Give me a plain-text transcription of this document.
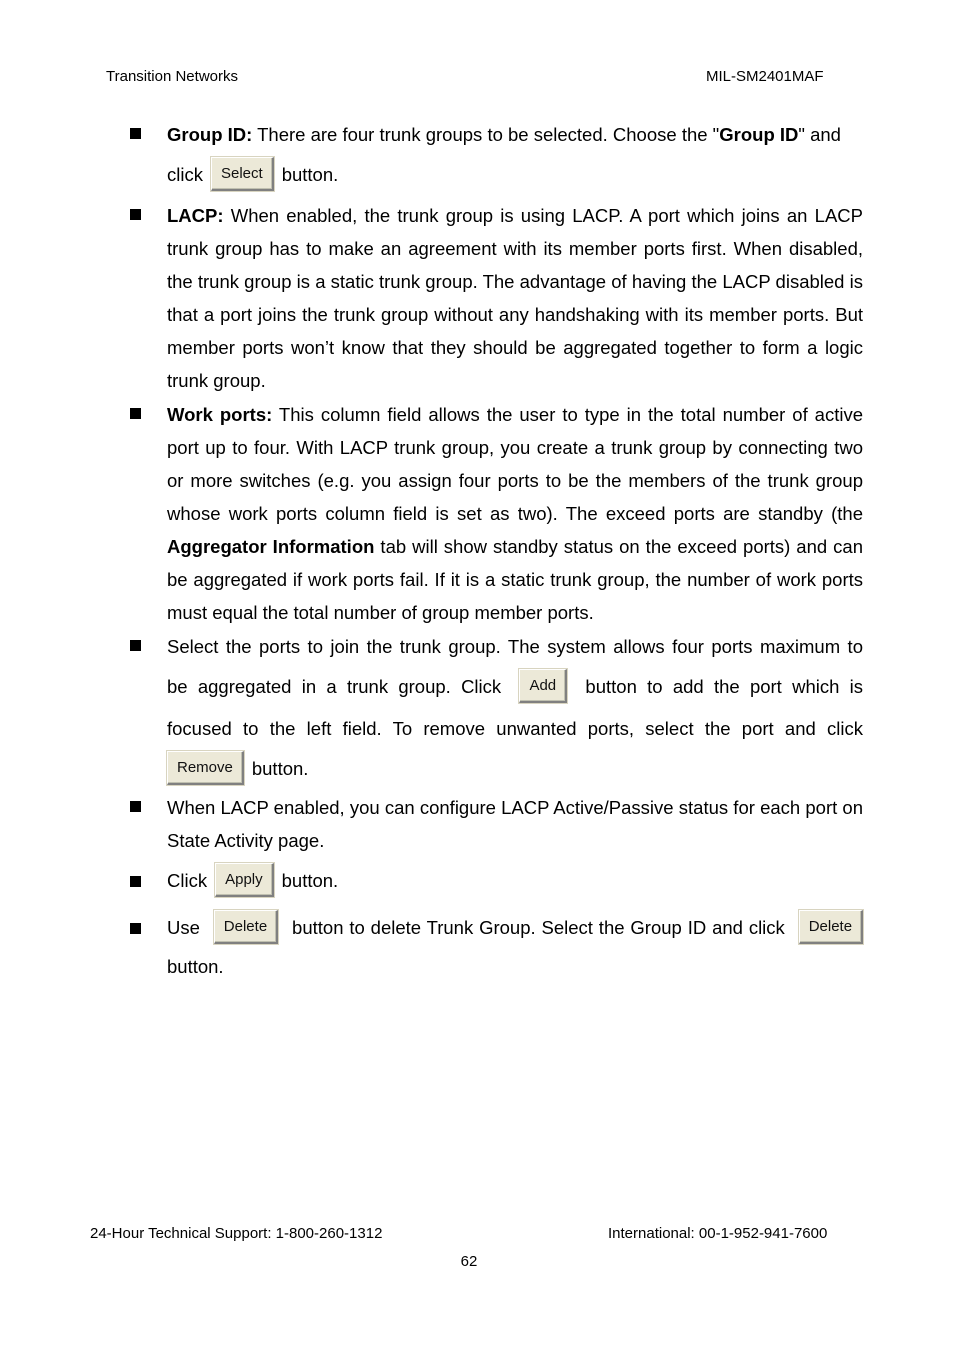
Transition Networks	MIL-SM2401MAF
Group ID: There are four trunk groups to be selected. Choose the "Group ID" and
click Select button.
LACP: When enabled, the trunk group is using LACP. A port which joins an LACP trunk group has to make an agreement with its member ports first. When disabled, the trunk group is a static trunk group. The advantage of having the LACP disabled is that a port joins the trunk group without any handshaking with its member ports. But member ports won’t know that they should be aggregated together to form a logic trunk group.
Work ports: This column field allows the user to type in the total number of active port up to four. With LACP trunk group, you create a trunk group by connecting two or more switches (e.g. you assign four ports to be the members of the trunk group whose work ports column field is set as two). The exceed ports are standby (the Aggregator Information tab will show standby status on the exceed ports) and can be aggregated if work ports fail. If it is a static trunk group, the number of work ports must equal the total number of group member ports.
Select the ports to join the trunk group. The system allows four ports maximum to
be aggregated in a trunk group. Click Add button to add the port which is
focused to the left field. To remove unwanted ports, select the port and click
Remove button.
When LACP enabled, you can configure LACP Active/Passive status for each port on State Activity page.
Click Apply button.
Use Delete button to delete Trunk Group. Select the Group ID and click Delete
button.
24-Hour Technical Support: 1-800-260-1312	International: 00-1-952-941-7600
62
